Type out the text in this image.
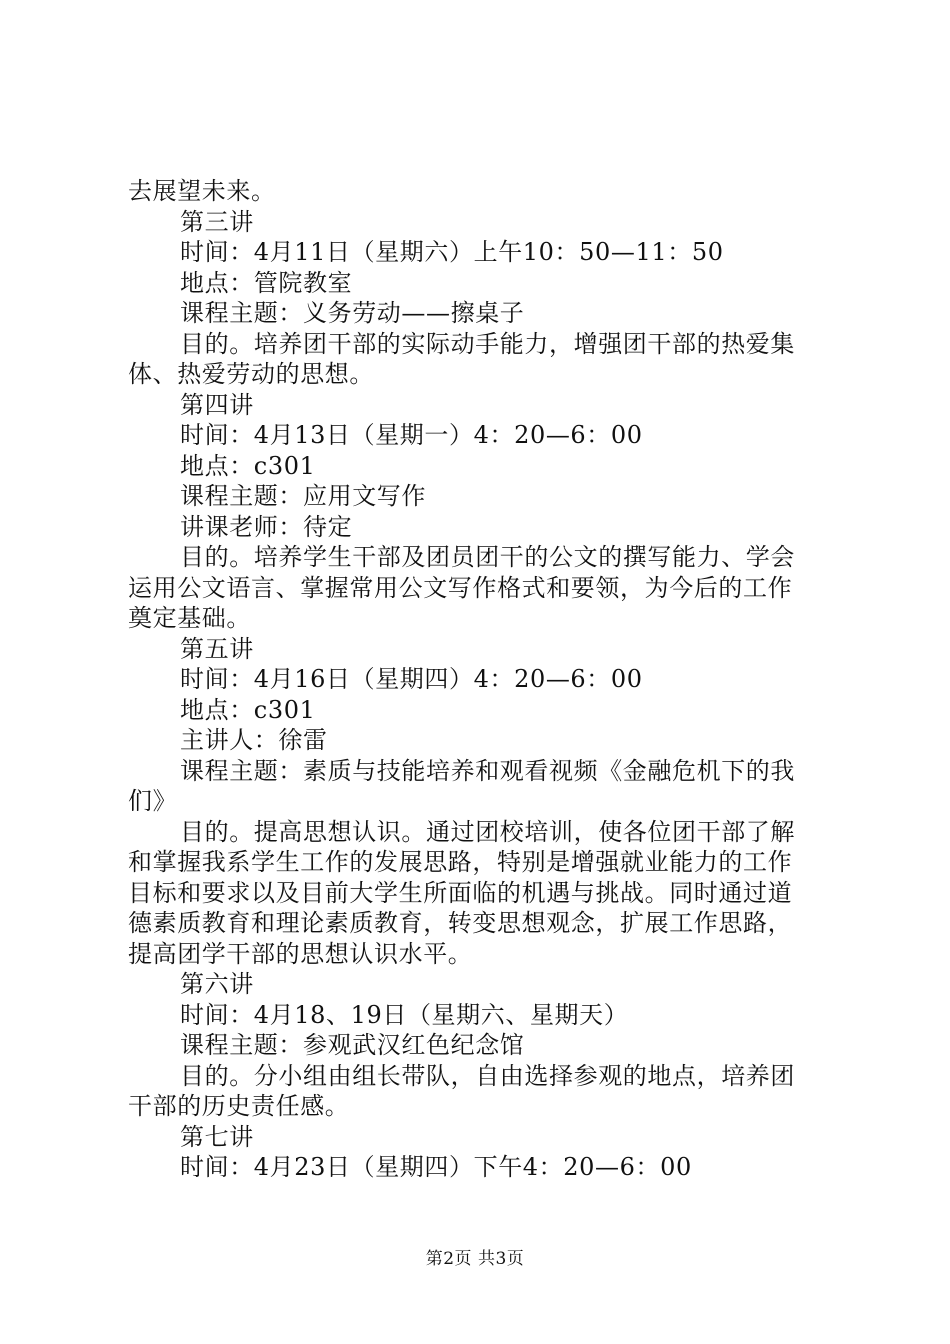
去展望未来。
第三讲
时间：4月11日（星期六）上午10：50—11：50
地点：管院教室
课程主题：义务劳动——擦桌子
目的。培养团干部的实际动手能力，增强团干部的热爱集
体、热爱劳动的思想。
第四讲
时间：4月13日（星期一）4：20—6：00
地点：c301
课程主题：应用文写作
讲课老师：待定
目的。培养学生干部及团员团干的公文的撰写能力、学会
运用公文语言、掌握常用公文写作格式和要领，为今后的工作
奠定基础。
第五讲
时间：4月16日（星期四）4：20—6：00
地点：c301
主讲人：徐雷
课程主题：素质与技能培养和观看视频《金融危机下的我
们》
目的。提高思想认识。通过团校培训，使各位团干部了解
和掌握我系学生工作的发展思路，特别是增强就业能力的工作
目标和要求以及目前大学生所面临的机遇与挑战。同时通过道
德素质教育和理论素质教育，转变思想观念，扩展工作思路，
提高团学干部的思想认识水平。
第六讲
时间：4月18、19日（星期六、星期天）
课程主题：参观武汉红色纪念馆
目的。分小组由组长带队，自由选择参观的地点，培养团
干部的历史责任感。
第七讲
时间：4月23日（星期四）下午4：20—6：00
第2页 共3页
